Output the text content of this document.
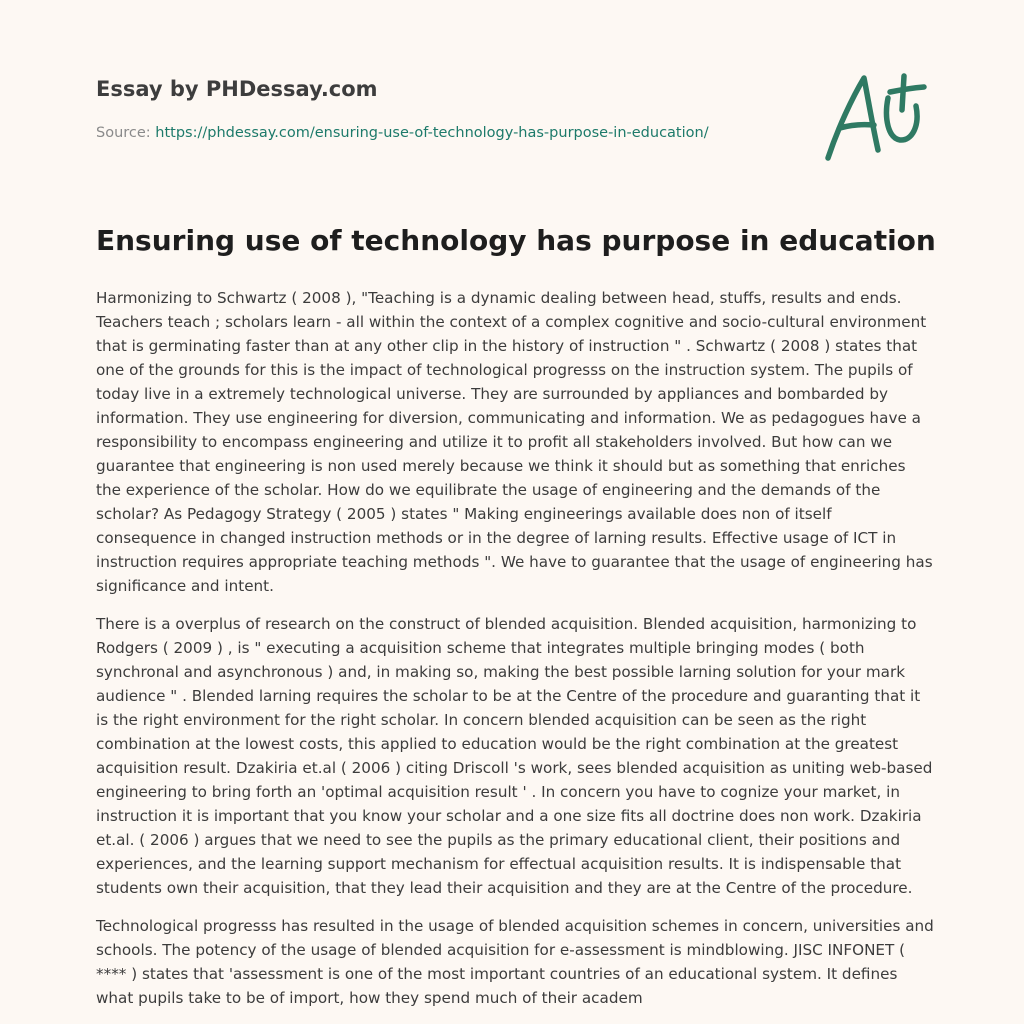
Essay by PHDessay.com
Source: https://phdessay.com/ensuring-use-of-technology-has-purpose-in-education/
Ensuring use of technology has purpose in education

Harmonizing to Schwartz ( 2008 ), "Teaching is a dynamic dealing between head, stuffs, results and ends. Teachers teach ; scholars learn - all within the context of a complex cognitive and socio-cultural environment that is germinating faster than at any other clip in the history of instruction " . Schwartz ( 2008 ) states that one of the grounds for this is the impact of technological progresss on the instruction system. The pupils of today live in a extremely technological universe. They are surrounded by appliances and bombarded by information. They use engineering for diversion, communicating and information. We as pedagogues have a responsibility to encompass engineering and utilize it to profit all stakeholders involved. But how can we guarantee that engineering is non used merely because we think it should but as something that enriches the experience of the scholar. How do we equilibrate the usage of engineering and the demands of the scholar? As Pedagogy Strategy ( 2005 ) states " Making engineerings available does non of itself consequence in changed instruction methods or in the degree of larning results. Effective usage of ICT in instruction requires appropriate teaching methods ". We have to guarantee that the usage of engineering has significance and intent.

There is a overplus of research on the construct of blended acquisition. Blended acquisition, harmonizing to Rodgers ( 2009 ) , is " executing a acquisition scheme that integrates multiple bringing modes ( both synchronal and asynchronous ) and, in making so, making the best possible larning solution for your mark audience " . Blended larning requires the scholar to be at the Centre of the procedure and guaranting that it is the right environment for the right scholar. In concern blended acquisition can be seen as the right combination at the lowest costs, this applied to education would be the right combination at the greatest acquisition result. Dzakiria et.al ( 2006 ) citing Driscoll 's work, sees blended acquisition as uniting web-based engineering to bring forth an 'optimal acquisition result ' . In concern you have to cognize your market, in instruction it is important that you know your scholar and a one size fits all doctrine does non work. Dzakiria et.al. ( 2006 ) argues that we need to see the pupils as the primary educational client, their positions and experiences, and the learning support mechanism for effectual acquisition results. It is indispensable that students own their acquisition, that they lead their acquisition and they are at the Centre of the procedure.

Technological progresss has resulted in the usage of blended acquisition schemes in concern, universities and schools. The potency of the usage of blended acquisition for e-assessment is mindblowing. JISC INFONET ( **** ) states that 'assessment is one of the most important countries of an educational system. It defines what pupils take to be of import, how they spend much of their academ
